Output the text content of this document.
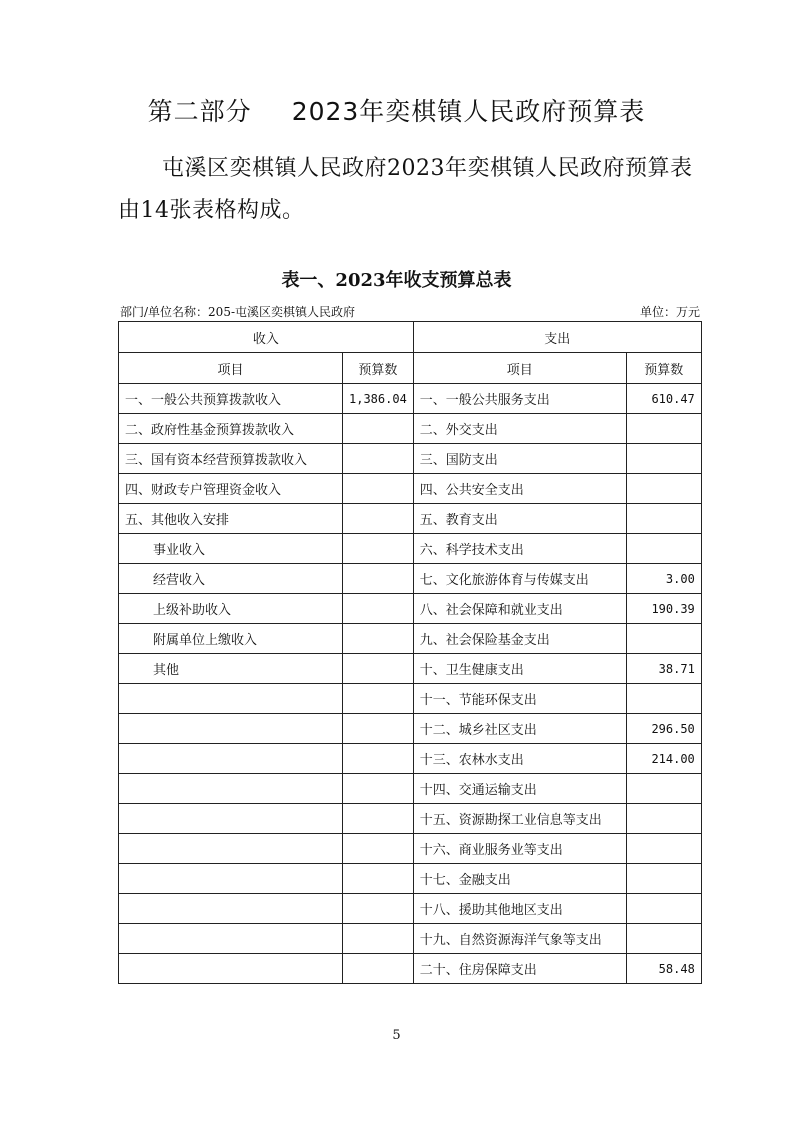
第二部分 2023年奕棋镇人民政府预算表
屯溪区奕棋镇人民政府2023年奕棋镇人民政府预算表由14张表格构成。
表一、2023年收支预算总表
部门/单位名称：205-屯溪区奕棋镇人民政府	单位：万元
收入		支出	
项目	预算数	项目	预算数
一、一般公共预算拨款收入	1,386.04	一、一般公共服务支出	610.47
二、政府性基金预算拨款收入		二、外交支出	
三、国有资本经营预算拨款收入		三、国防支出	
四、财政专户管理资金收入		四、公共安全支出	
五、其他收入安排		五、教育支出	
事业收入		六、科学技术支出	
经营收入		七、文化旅游体育与传媒支出	3.00
上级补助收入		八、社会保障和就业支出	190.39
附属单位上缴收入		九、社会保险基金支出	
其他		十、卫生健康支出	38.71
		十一、节能环保支出	
		十二、城乡社区支出	296.50
		十三、农林水支出	214.00
		十四、交通运输支出	
		十五、资源勘探工业信息等支出	
		十六、商业服务业等支出	
		十七、金融支出	
		十八、援助其他地区支出	
		十九、自然资源海洋气象等支出	
		二十、住房保障支出	58.48
5
